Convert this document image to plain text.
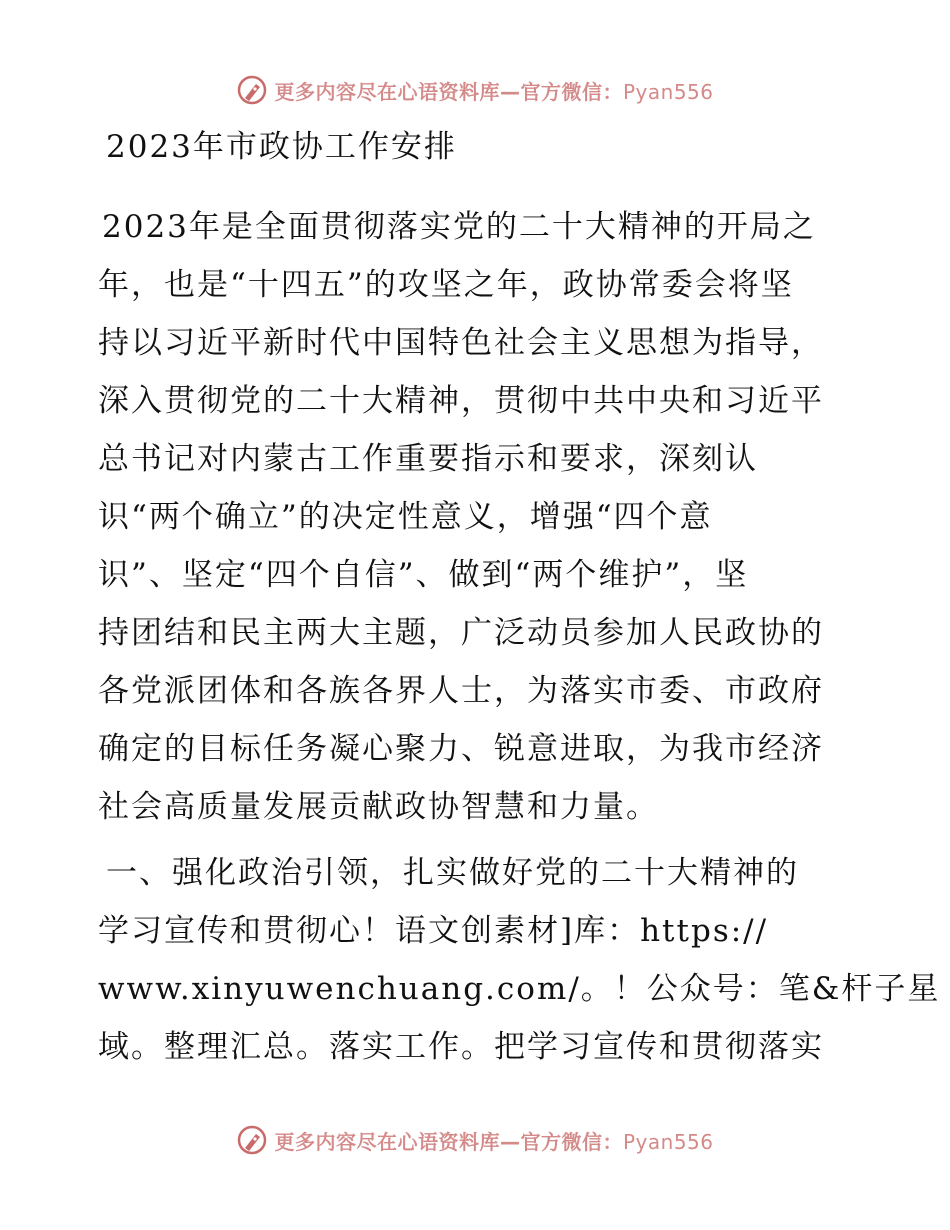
更多内容尽在心语资料库—官方微信：Pyan556
2023年市政协工作安排

2023年是全面贯彻落实党的二十大精神的开局之
年，也是“十四五”的攻坚之年，政协常委会将坚
持以习近平新时代中国特色社会主义思想为指导，
深入贯彻党的二十大精神，贯彻中共中央和习近平
总书记对内蒙古工作重要指示和要求，深刻认
识“两个确立”的决定性意义，增强“四个意
识”、坚定“四个自信”、做到“两个维护”，坚
持团结和民主两大主题，广泛动员参加人民政协的
各党派团体和各族各界人士，为落实市委、市政府
确定的目标任务凝心聚力、锐意进取，为我市经济
社会高质量发展贡献政协智慧和力量。

一、强化政治引领，扎实做好党的二十大精神的
学习宣传和贯彻心！语文创素材]库：https://
www.xinyuwenchuang.com/。！公众号：笔&杆子星
域。整理汇总。落实工作。把学习宣传和贯彻落实

更多内容尽在心语资料库—官方微信：Pyan556
